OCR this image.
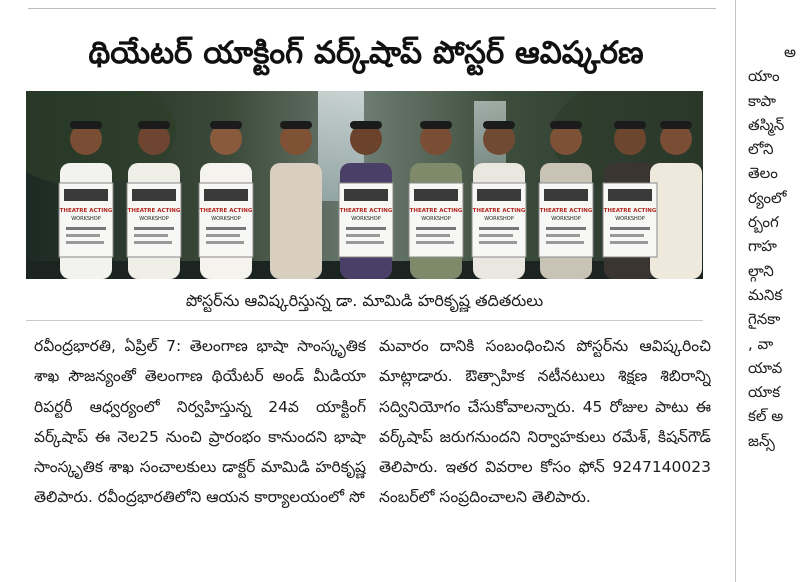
థియేటర్ యాక్టింగ్ వర్క్‌షాప్ పోస్టర్ ఆవిష్కరణ
THEATRE ACTING
WORKSHOP
THEATRE ACTING
WORKSHOP
THEATRE ACTING
WORKSHOP
THEATRE ACTING
WORKSHOP
THEATRE ACTING
WORKSHOP
THEATRE ACTING
WORKSHOP
THEATRE ACTING
WORKSHOP
THEATRE ACTING
WORKSHOP
పోస్టర్‌ను ఆవిష్కరిస్తున్న డా. మామిడి హరికృష్ణ తదితరులు
రవీంద్రభారతి, ఏప్రిల్ 7: తెలంగాణ భాషా సాంస్కృతిక శాఖ సౌజన్యంతో తెలంగాణ థియేటర్ అండ్ మీడియా రిపర్టరీ ఆధ్వర్యంలో నిర్వహిస్తున్న 24వ యాక్టింగ్ వర్క్‌షాప్ ఈ నెల25 నుంచి ప్రారంభం కానుందని భాషా సాంస్కృతిక శాఖ సంచాలకులు డాక్టర్ మామిడి హరికృష్ణ తెలిపారు. రవీంద్రభారతిలోని ఆయన కార్యాలయంలో సో
మవారం దానికి సంబంధించిన పోస్టర్‌ను ఆవిష్కరించి మాట్లాడారు. ఔత్సాహిక నటీనటులు శిక్షణ శిబిరాన్ని సద్వినియోగం చేసుకోవాలన్నారు. 45 రోజుల పాటు ఈ వర్క్‌షాప్ జరుగనుందని నిర్వాహకులు రమేశ్, కిషన్‌గౌడ్ తెలిపారు. ఇతర వివరాల కోసం ఫోన్ 9247140023 నంబర్‌లో సంప్రదించాలని తెలిపారు.
అ
యాం
కాపా
తస్మిన్
లోని
తెలం
ర్యంలో
ర్బంగ
గాహ
ల్గాని
మనిక
గైనకా
, వా
యావ
యాక
కల్ అ
జన్స్
